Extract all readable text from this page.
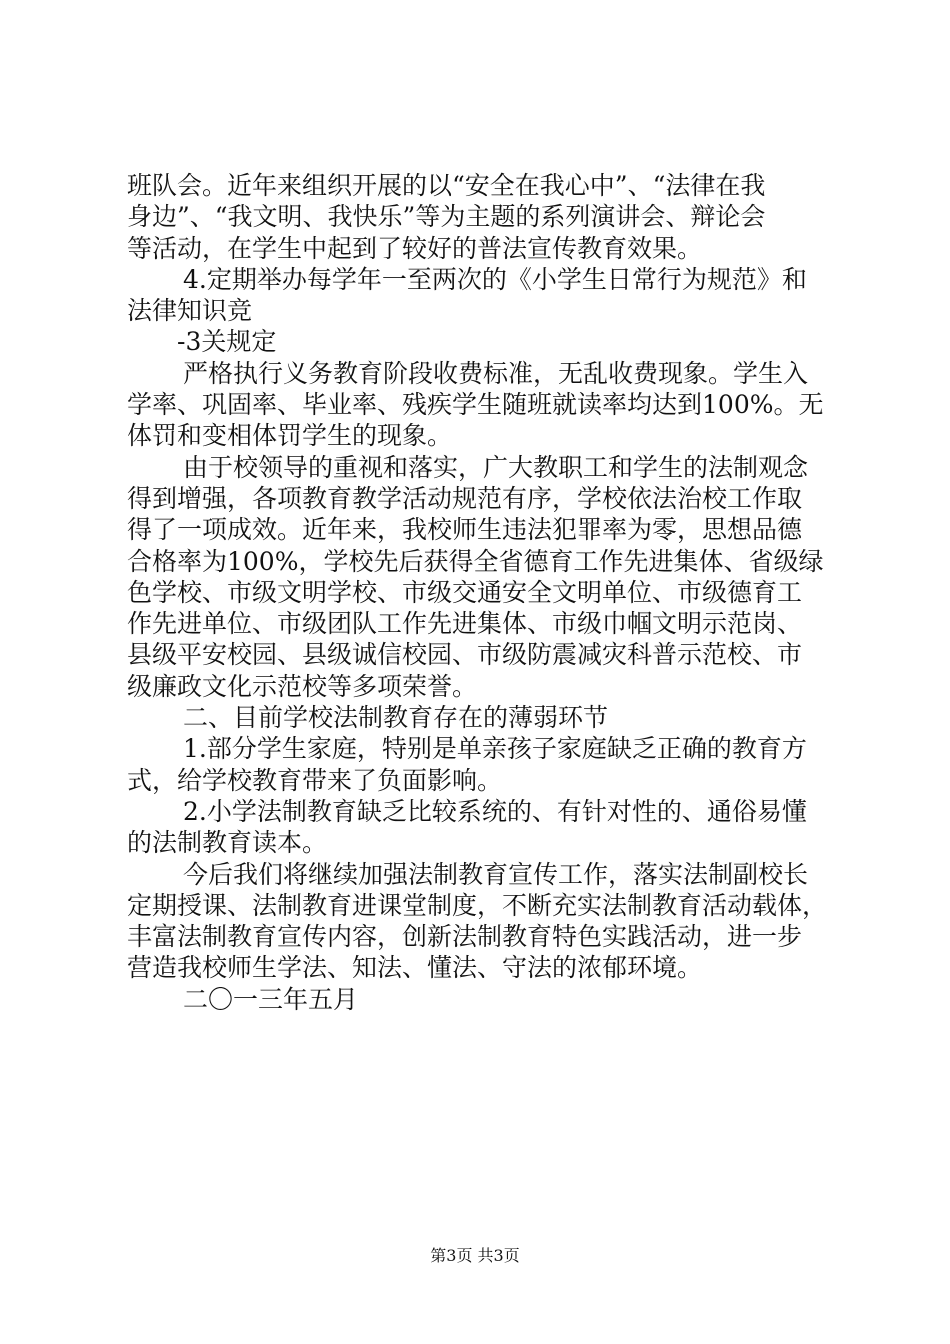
班队会。近年来组织开展的以“安全在我心中”、“法律在我

身边”、“我文明、我快乐”等为主题的系列演讲会、辩论会

等活动，在学生中起到了较好的普法宣传教育效果。

4.定期举办每学年一至两次的《小学生日常行为规范》和

法律知识竞

-3关规定

严格执行义务教育阶段收费标准，无乱收费现象。学生入

学率、巩固率、毕业率、残疾学生随班就读率均达到100%。无

体罚和变相体罚学生的现象。

由于校领导的重视和落实，广大教职工和学生的法制观念

得到增强，各项教育教学活动规范有序，学校依法治校工作取

得了一项成效。近年来，我校师生违法犯罪率为零，思想品德

合格率为100%，学校先后获得全省德育工作先进集体、省级绿

色学校、市级文明学校、市级交通安全文明单位、市级德育工

作先进单位、市级团队工作先进集体、市级巾帼文明示范岗、

县级平安校园、县级诚信校园、市级防震减灾科普示范校、市

级廉政文化示范校等多项荣誉。

二、目前学校法制教育存在的薄弱环节

1.部分学生家庭，特别是单亲孩子家庭缺乏正确的教育方

式，给学校教育带来了负面影响。

2.小学法制教育缺乏比较系统的、有针对性的、通俗易懂

的法制教育读本。

今后我们将继续加强法制教育宣传工作，落实法制副校长

定期授课、法制教育进课堂制度，不断充实法制教育活动载体，

丰富法制教育宣传内容，创新法制教育特色实践活动，进一步

营造我校师生学法、知法、懂法、守法的浓郁环境。

二〇一三年五月

第3页 共3页
